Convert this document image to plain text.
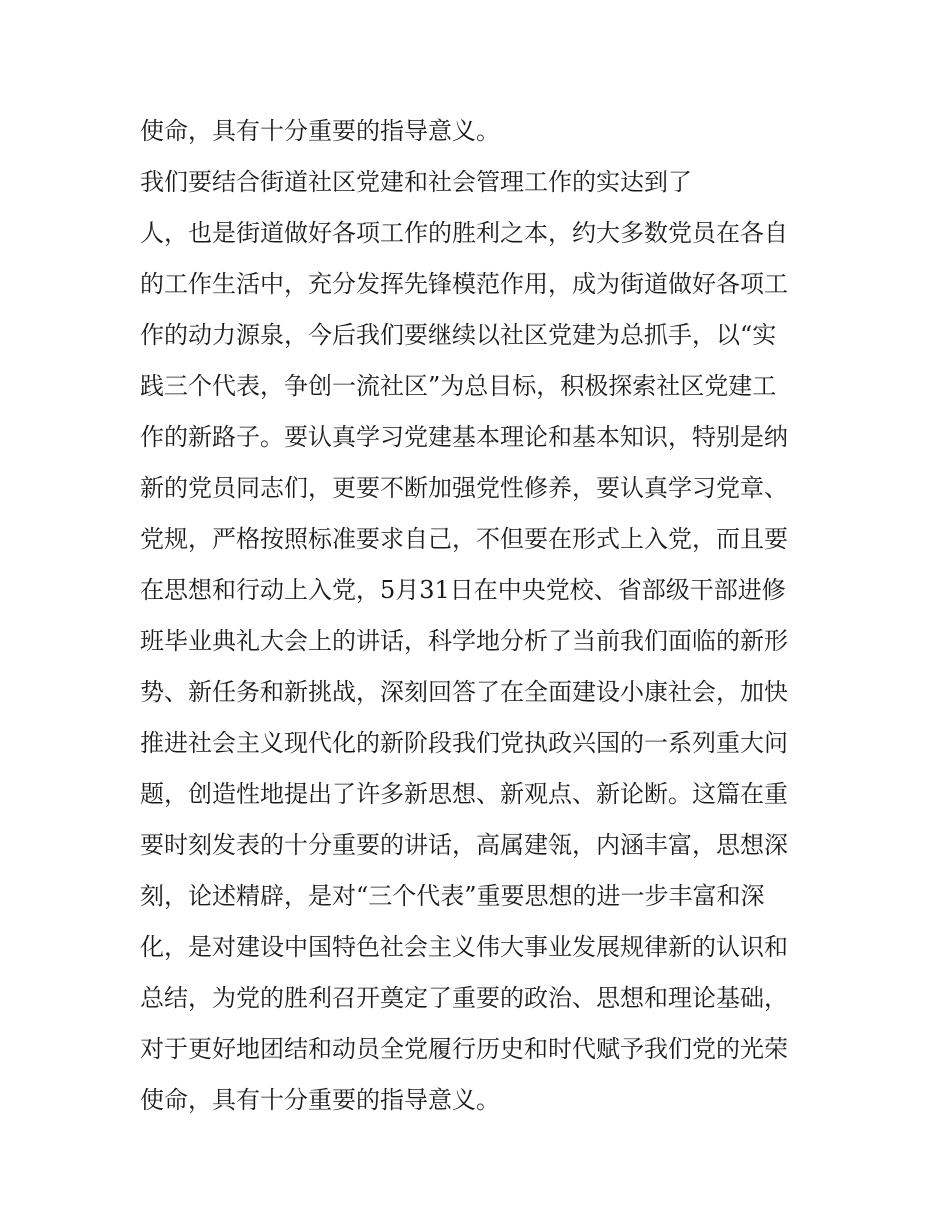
使命，具有十分重要的指导意义。
我们要结合街道社区党建和社会管理工作的实达到了
人，也是街道做好各项工作的胜利之本，约大多数党员在各自
的工作生活中，充分发挥先锋模范作用，成为街道做好各项工
作的动力源泉，今后我们要继续以社区党建为总抓手，以“实
践三个代表，争创一流社区”为总目标，积极探索社区党建工
作的新路子。要认真学习党建基本理论和基本知识，特别是纳
新的党员同志们，更要不断加强党性修养，要认真学习党章、
党规，严格按照标准要求自己，不但要在形式上入党，而且要
在思想和行动上入党，5月31日在中央党校、省部级干部进修
班毕业典礼大会上的讲话，科学地分析了当前我们面临的新形
势、新任务和新挑战，深刻回答了在全面建设小康社会，加快
推进社会主义现代化的新阶段我们党执政兴国的一系列重大问
题，创造性地提出了许多新思想、新观点、新论断。这篇在重
要时刻发表的十分重要的讲话，高属建瓴，内涵丰富，思想深
刻，论述精辟，是对“三个代表”重要思想的进一步丰富和深
化，是对建设中国特色社会主义伟大事业发展规律新的认识和
总结，为党的胜利召开奠定了重要的政治、思想和理论基础，
对于更好地团结和动员全党履行历史和时代赋予我们党的光荣
使命，具有十分重要的指导意义。
